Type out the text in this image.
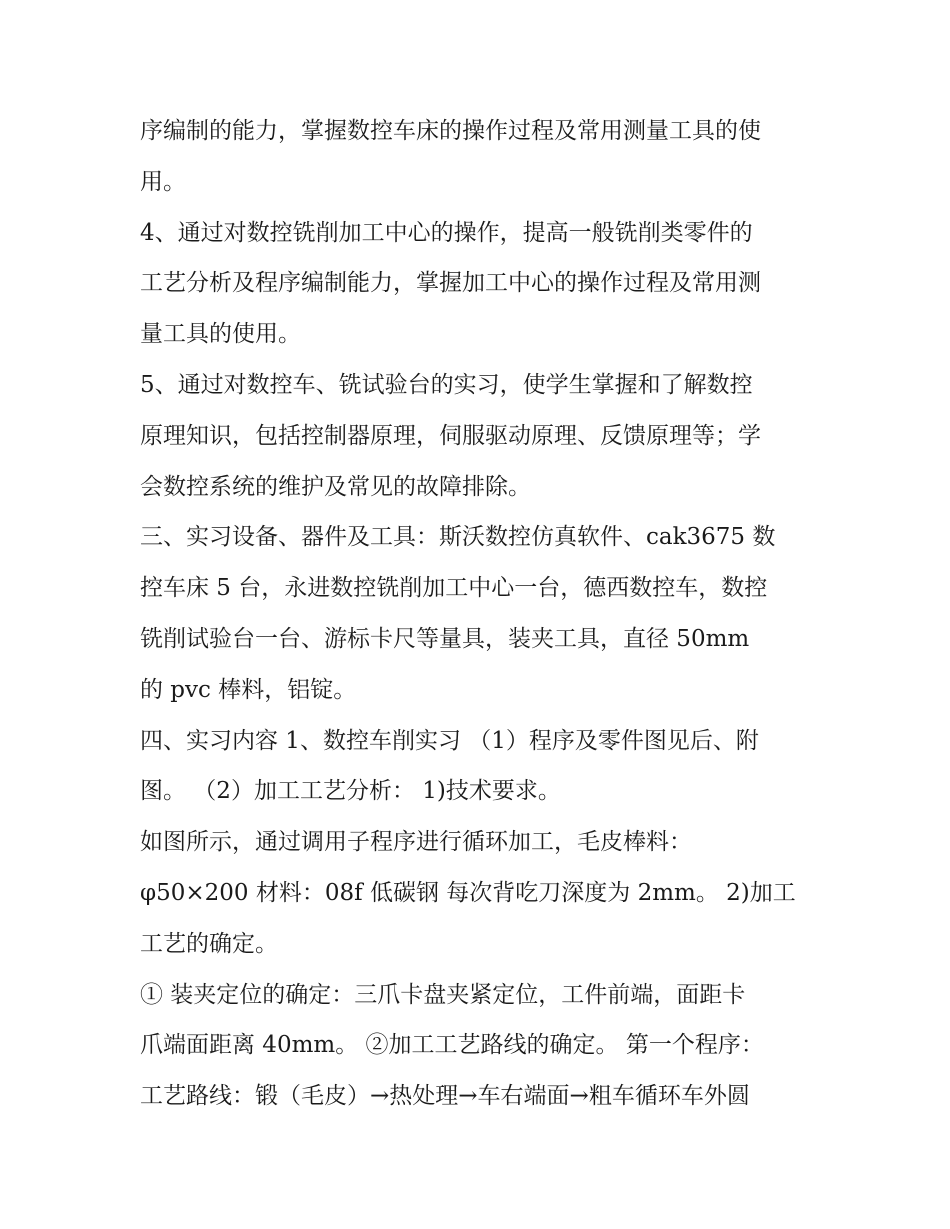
序编制的能力，掌握数控车床的操作过程及常用测量工具的使
用。
4、通过对数控铣削加工中心的操作，提高一般铣削类零件的
工艺分析及程序编制能力，掌握加工中心的操作过程及常用测
量工具的使用。
5、通过对数控车、铣试验台的实习，使学生掌握和了解数控
原理知识，包括控制器原理，伺服驱动原理、反馈原理等；学
会数控系统的维护及常见的故障排除。
三、实习设备、器件及工具：斯沃数控仿真软件、cak3675 数
控车床 5 台，永进数控铣削加工中心一台，德西数控车，数控
铣削试验台一台、游标卡尺等量具，装夹工具，直径 50mm
的 pvc 棒料，铝锭。
四、实习内容 1、数控车削实习 （1）程序及零件图见后、附
图。 （2）加工工艺分析： 1)技术要求。
如图所示，通过调用子程序进行循环加工，毛皮棒料：
φ50×200 材料：08f 低碳钢 每次背吃刀深度为 2mm。 2)加工
工艺的确定。
① 装夹定位的确定：三爪卡盘夹紧定位，工件前端，面距卡
爪端面距离 40mm。 ②加工工艺路线的确定。 第一个程序：
工艺路线：锻（毛皮）→热处理→车右端面→粗车循环车外圆
